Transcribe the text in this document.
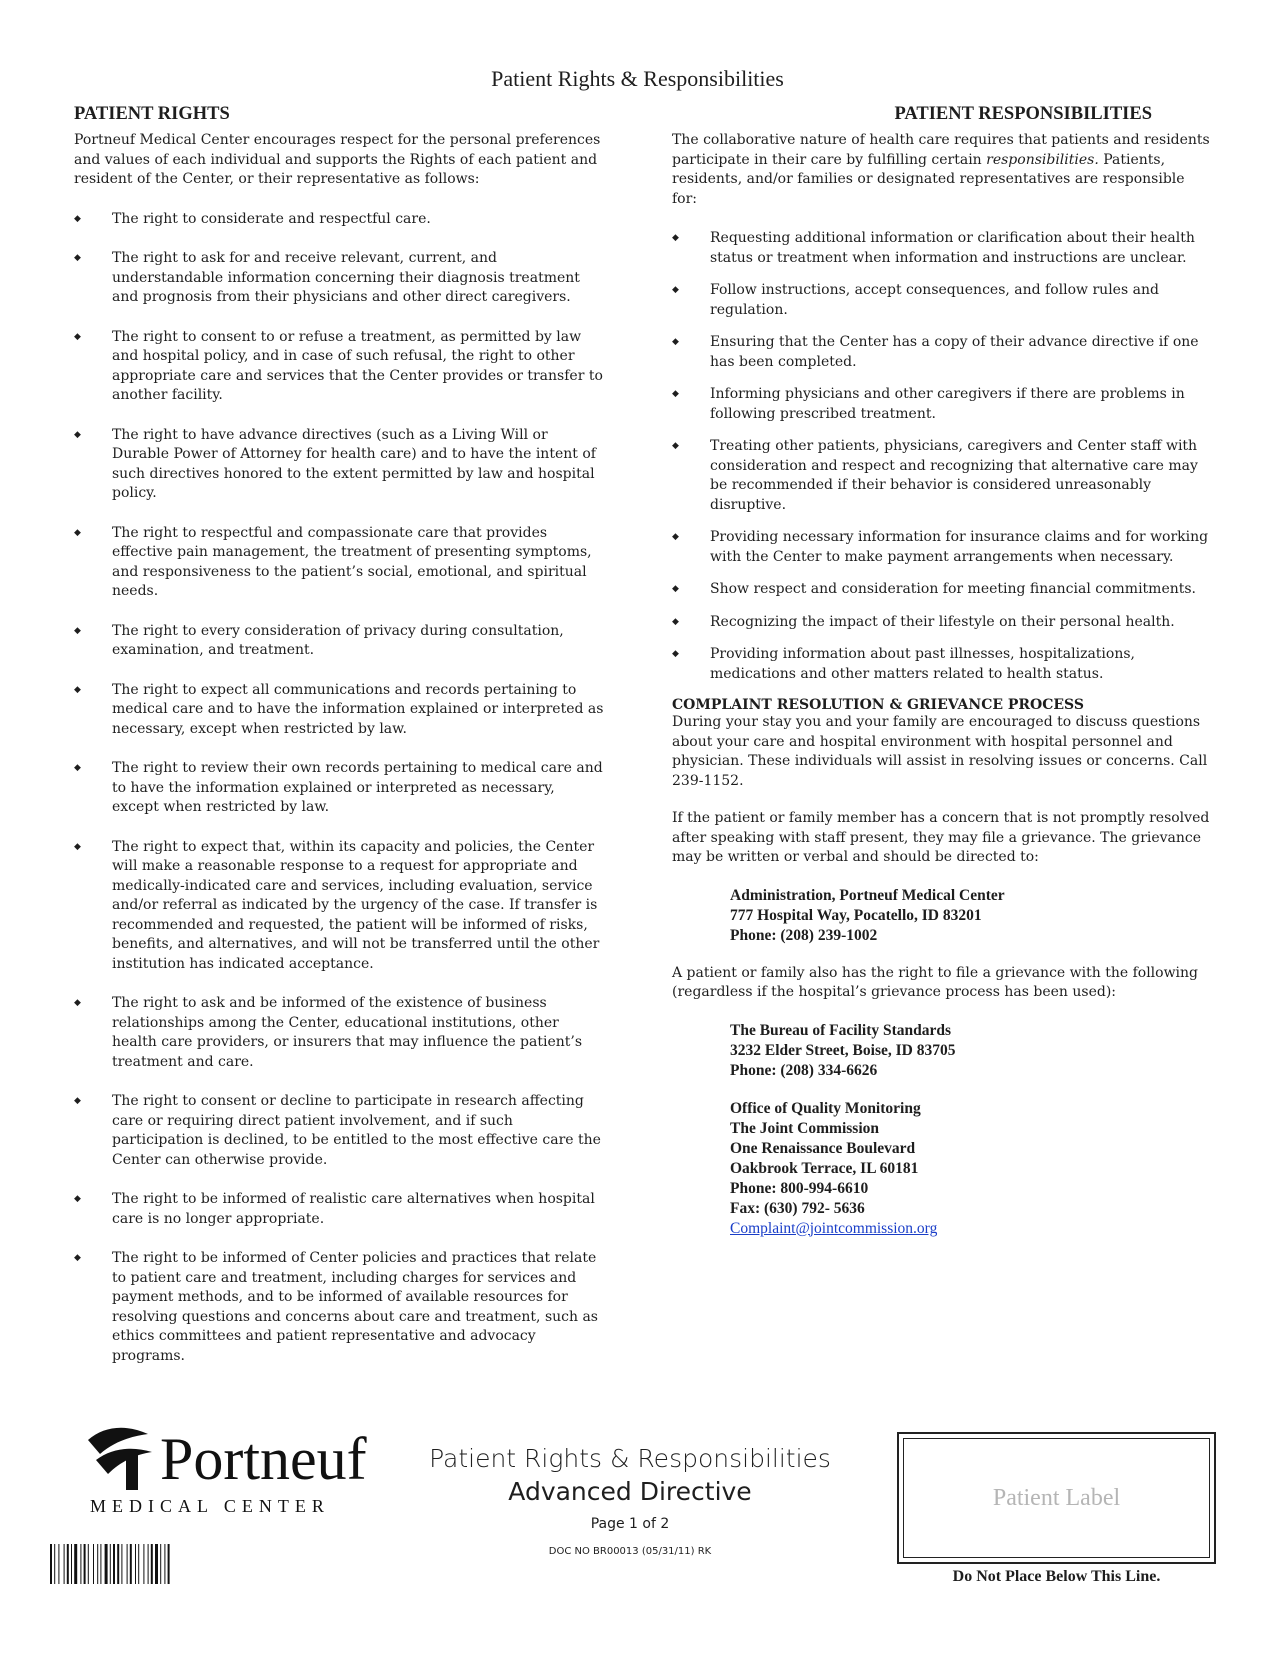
Patient Rights & Responsibilities
PATIENT RIGHTS

Portneuf Medical Center encourages respect for the personal preferences and values of each individual and supports the Rights of each patient and resident of the Center, or their representative as follows:

◆ The right to considerate and respectful care.
◆ The right to ask for and receive relevant, current, and understandable information concerning their diagnosis treatment and prognosis from their physicians and other direct caregivers.
◆ The right to consent to or refuse a treatment, as permitted by law and hospital policy, and in case of such refusal, the right to other appropriate care and services that the Center provides or transfer to another facility.
◆ The right to have advance directives (such as a Living Will or Durable Power of Attorney for health care) and to have the intent of such directives honored to the extent permitted by law and hospital policy.
◆ The right to respectful and compassionate care that provides effective pain management, the treatment of presenting symptoms, and responsiveness to the patient’s social, emotional, and spiritual needs.
◆ The right to every consideration of privacy during consultation, examination, and treatment.
◆ The right to expect all communications and records pertaining to medical care and to have the information explained or interpreted as necessary, except when restricted by law.
◆ The right to review their own records pertaining to medical care and to have the information explained or interpreted as necessary, except when restricted by law.
◆ The right to expect that, within its capacity and policies, the Center will make a reasonable response to a request for appropriate and medically-indicated care and services, including evaluation, service and/or referral as indicated by the urgency of the case. If transfer is recommended and requested, the patient will be informed of risks, benefits, and alternatives, and will not be transferred until the other institution has indicated acceptance.
◆ The right to ask and be informed of the existence of business relationships among the Center, educational institutions, other health care providers, or insurers that may influence the patient’s treatment and care.
◆ The right to consent or decline to participate in research affecting care or requiring direct patient involvement, and if such participation is declined, to be entitled to the most effective care the Center can otherwise provide.
◆ The right to be informed of realistic care alternatives when hospital care is no longer appropriate.
◆ The right to be informed of Center policies and practices that relate to patient care and treatment, including charges for services and payment methods, and to be informed of available resources for resolving questions and concerns about care and treatment, such as ethics committees and patient representative and advocacy programs.
PATIENT RESPONSIBILITIES

The collaborative nature of health care requires that patients and residents participate in their care by fulfilling certain responsibilities. Patients, residents, and/or families or designated representatives are responsible for:

◆ Requesting additional information or clarification about their health status or treatment when information and instructions are unclear.
◆ Follow instructions, accept consequences, and follow rules and regulation.
◆ Ensuring that the Center has a copy of their advance directive if one has been completed.
◆ Informing physicians and other caregivers if there are problems in following prescribed treatment.
◆ Treating other patients, physicians, caregivers and Center staff with consideration and respect and recognizing that alternative care may be recommended if their behavior is considered unreasonably disruptive.
◆ Providing necessary information for insurance claims and for working with the Center to make payment arrangements when necessary.
◆ Show respect and consideration for meeting financial commitments.
◆ Recognizing the impact of their lifestyle on their personal health.
◆ Providing information about past illnesses, hospitalizations, medications and other matters related to health status.

COMPLAINT RESOLUTION & GRIEVANCE PROCESS

During your stay you and your family are encouraged to discuss questions about your care and hospital environment with hospital personnel and physician. These individuals will assist in resolving issues or concerns. Call 239-1152.

If the patient or family member has a concern that is not promptly resolved after speaking with staff present, they may file a grievance. The grievance may be written or verbal and should be directed to:

Administration, Portneuf Medical Center
777 Hospital Way, Pocatello, ID 83201
Phone: (208) 239-1002

A patient or family also has the right to file a grievance with the following (regardless if the hospital’s grievance process has been used):

The Bureau of Facility Standards
3232 Elder Street, Boise, ID 83705
Phone: (208) 334-6626
Office of Quality Monitoring
The Joint Commission
One Renaissance Boulevard
Oakbrook Terrace, IL 60181
Phone: 800-994-6610
Fax: (630) 792- 5636
Complaint@jointcommission.org
Portneuf
MEDICAL CENTER
Patient Rights & Responsibilities
Advanced Directive
Page 1 of 2
DOC NO BR00013 (05/31/11) RK
Patient Label
Do Not Place Below This Line.
